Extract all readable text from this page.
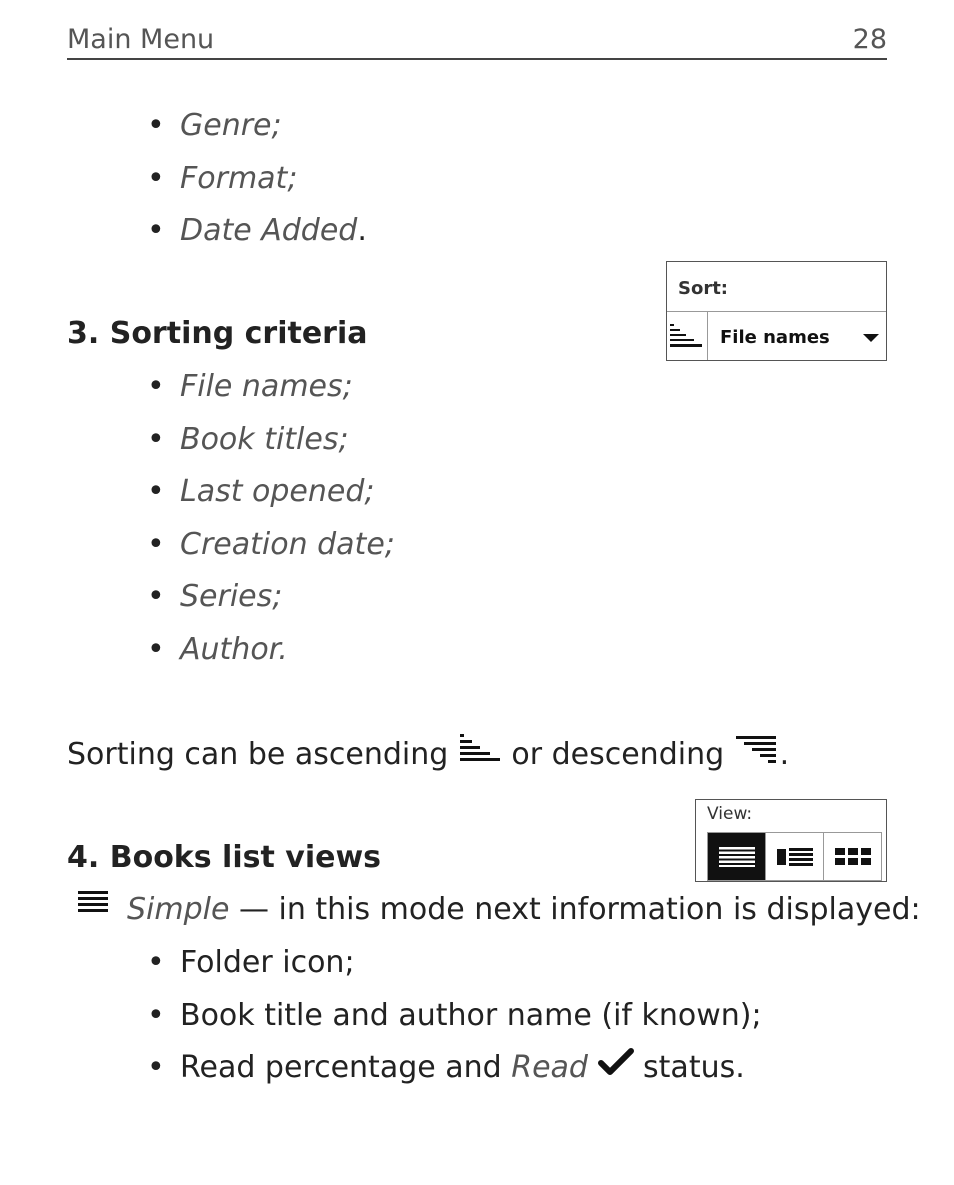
Main Menu	28
• Genre;
• Format;
• Date Added.
Sort:
File names
3. Sorting criteria
• File names;
• Book titles;
• Last opened;
• Creation date;
• Series;
• Author.
Sorting can be ascending  or descending .
View:
4. Books list views
Simple — in this mode next information is displayed:
• Folder icon;
• Book title and author name (if known);
• Read percentage and Read  status.
